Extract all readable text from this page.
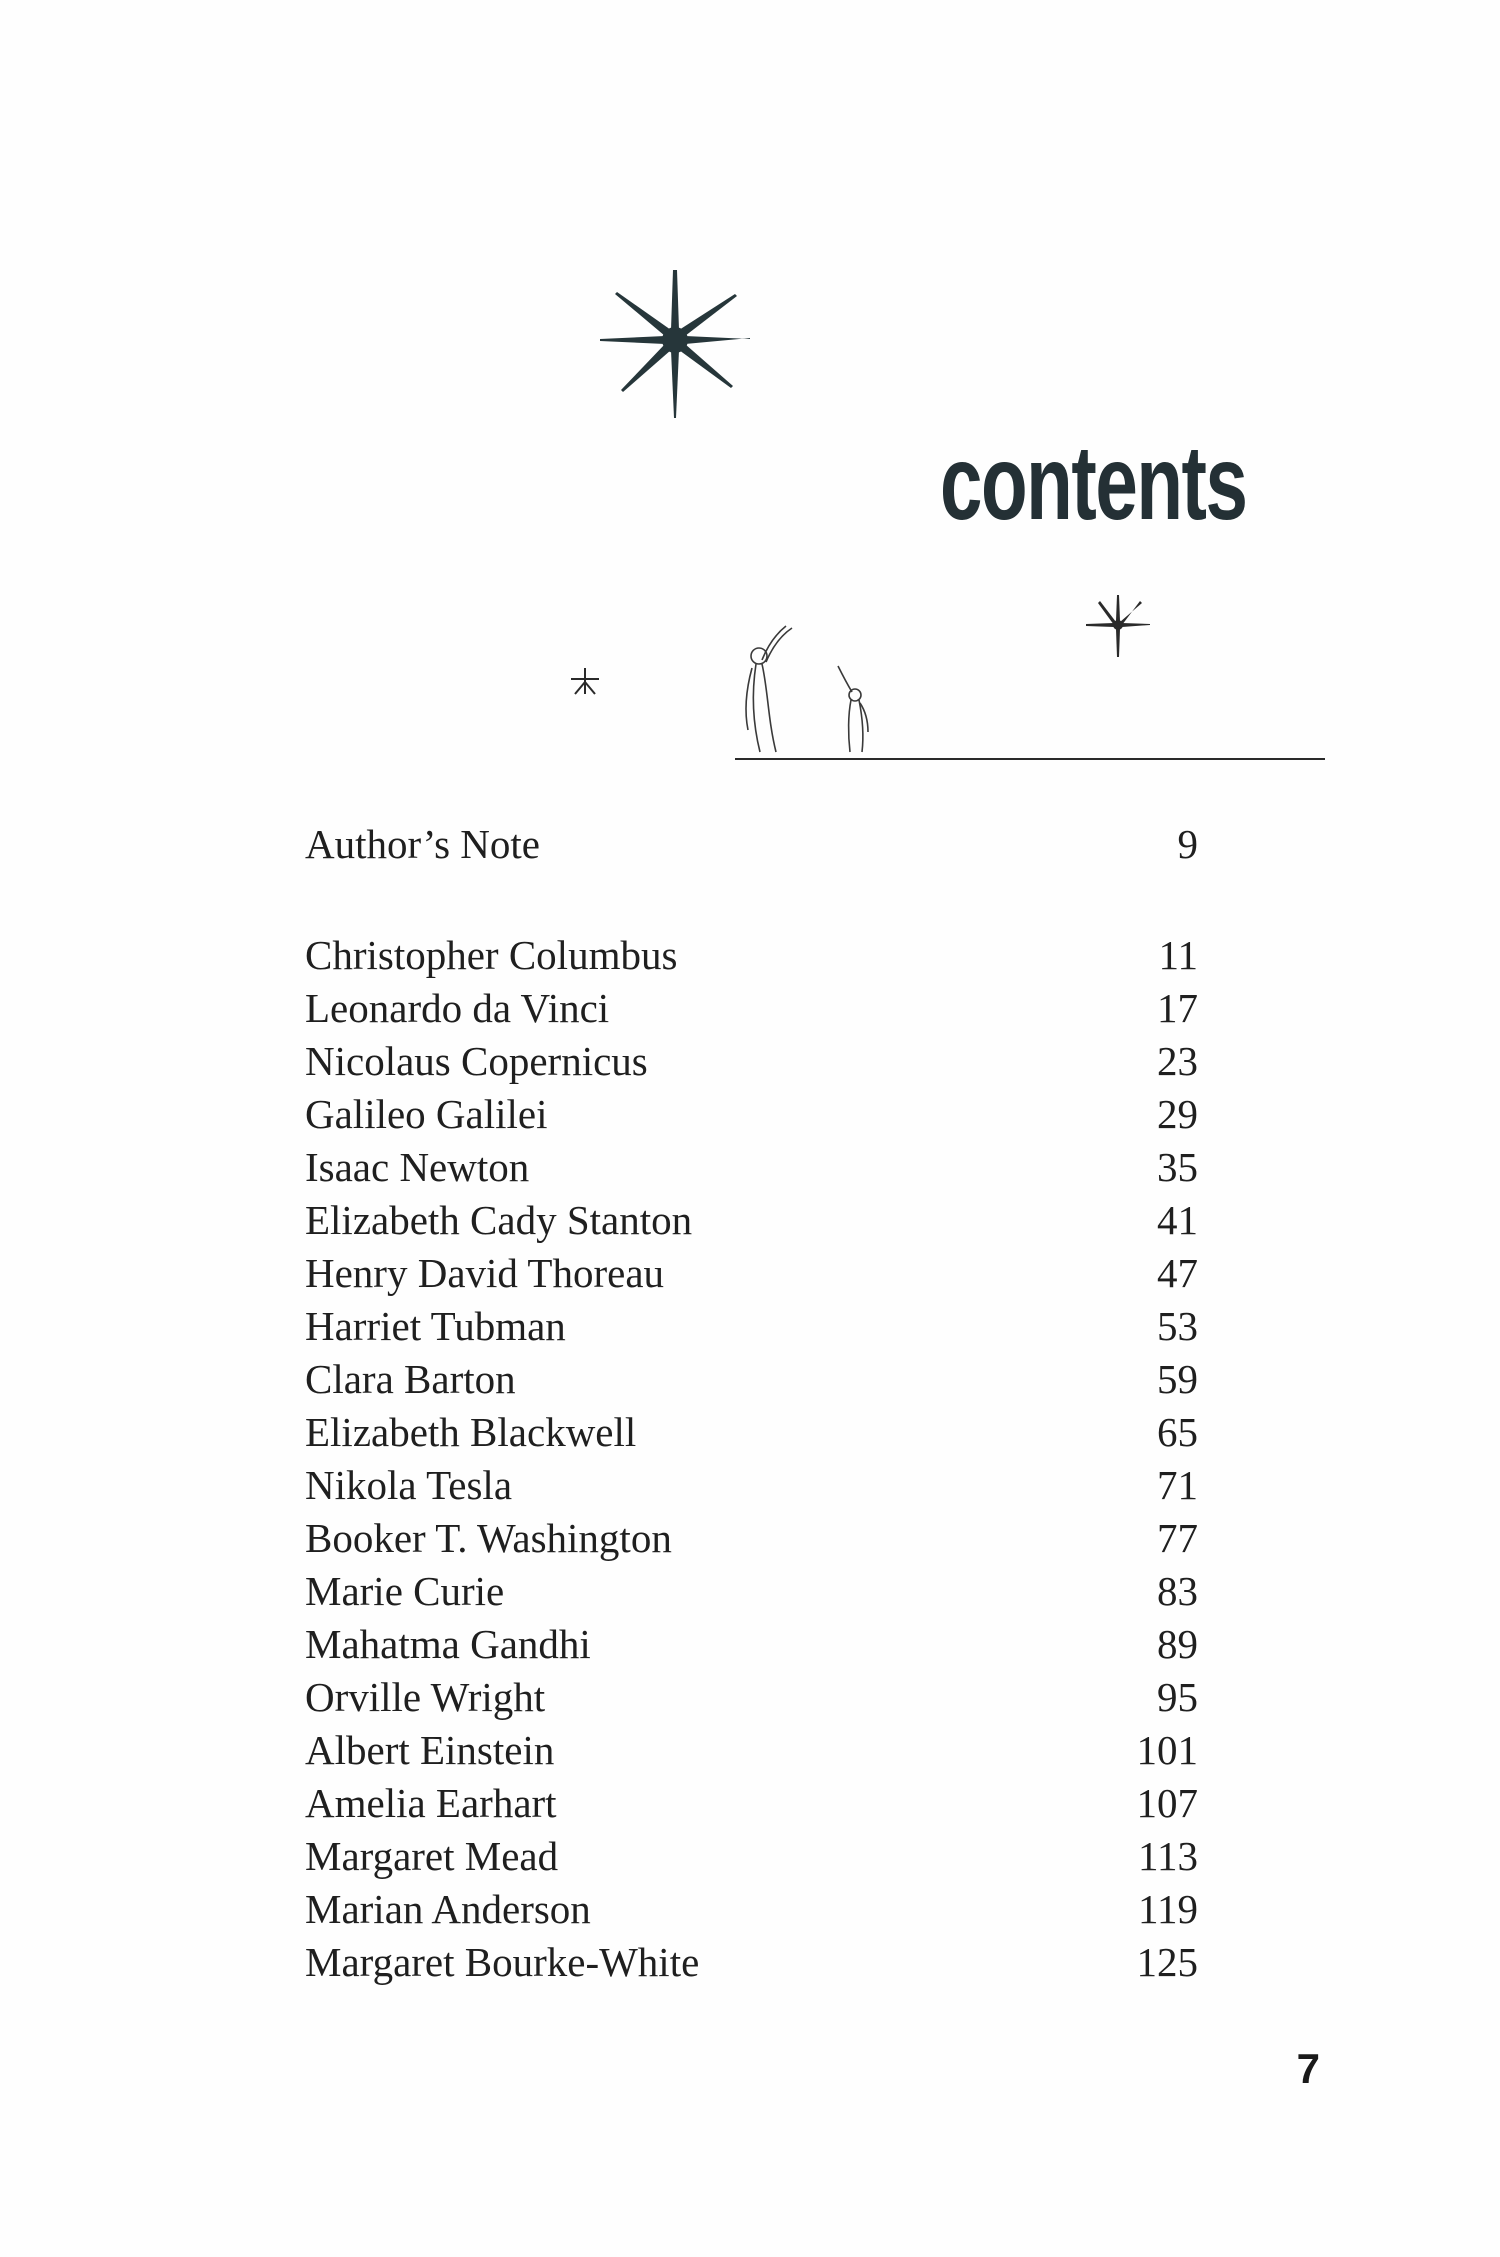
contents
Author’s Note	9
Christopher Columbus	11
Leonardo da Vinci	17
Nicolaus Copernicus	23
Galileo Galilei	29
Isaac Newton	35
Elizabeth Cady Stanton	41
Henry David Thoreau	47
Harriet Tubman	53
Clara Barton	59
Elizabeth Blackwell	65
Nikola Tesla	71
Booker T. Washington	77
Marie Curie	83
Mahatma Gandhi	89
Orville Wright	95
Albert Einstein	101
Amelia Earhart	107
Margaret Mead	113
Marian Anderson	119
Margaret Bourke-White	125
7
